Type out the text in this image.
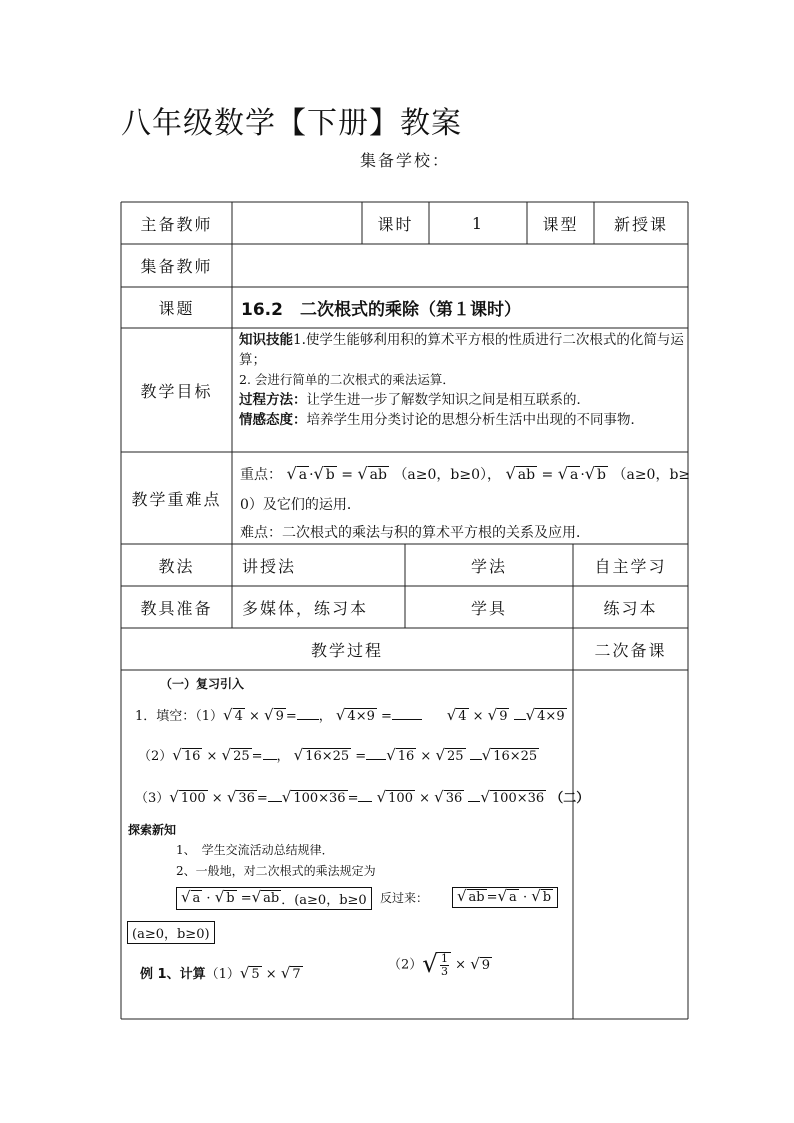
八年级数学【下册】教案
集备学校：
主备教师	课时	1	课型	新授课
集备教师
课题	16.2　二次根式的乘除（第１课时）
教学目标
知识技能1.使学生能够利用积的算术平方根的性质进行二次根式的化简与运算；
2. 会进行简单的二次根式的乘法运算．
过程方法：让学生进一步了解数学知识之间是相互联系的．
情感态度：培养学生用分类讨论的思想分析生活中出现的不同事物．
教学重难点
重点： √ a · √ b = √ ab （a≥0，b≥0）， √ ab = √ a · √ b （a≥0，b≥
0）及它们的运用．
难点：二次根式的乘法与积的算术平方根的关系及应用．
教法	讲授法	学法	自主学习
教具准备	多媒体，练习本	学具	练习本
教学过程	二次备课
（一）复习引入
1．填空：（1） √ 4 × √ 9 = ， √ 4×9 =	√ 4 × √ 9
√ 4×9
（2） √ 16 × √ 25 = ， √ 16×25 = √ 16 × √ 25
√ 16×25
（3） √ 100 × √ 36 = √ 100×36 = √ 100 × √ 36
√ 100×36 （二）
探索新知
1、　学生交流活动总结规律．
2、一般地，对二次根式的乘法规定为
√ a · √ b = √ ab ．(a≥0，b≥0 反过来： √ ab = √ a · √ b
(a≥0，b≥0)
例 1、计算（1） √ 5 × √ 7
（2） √ $\frac{1}{3}$ × √ 9
